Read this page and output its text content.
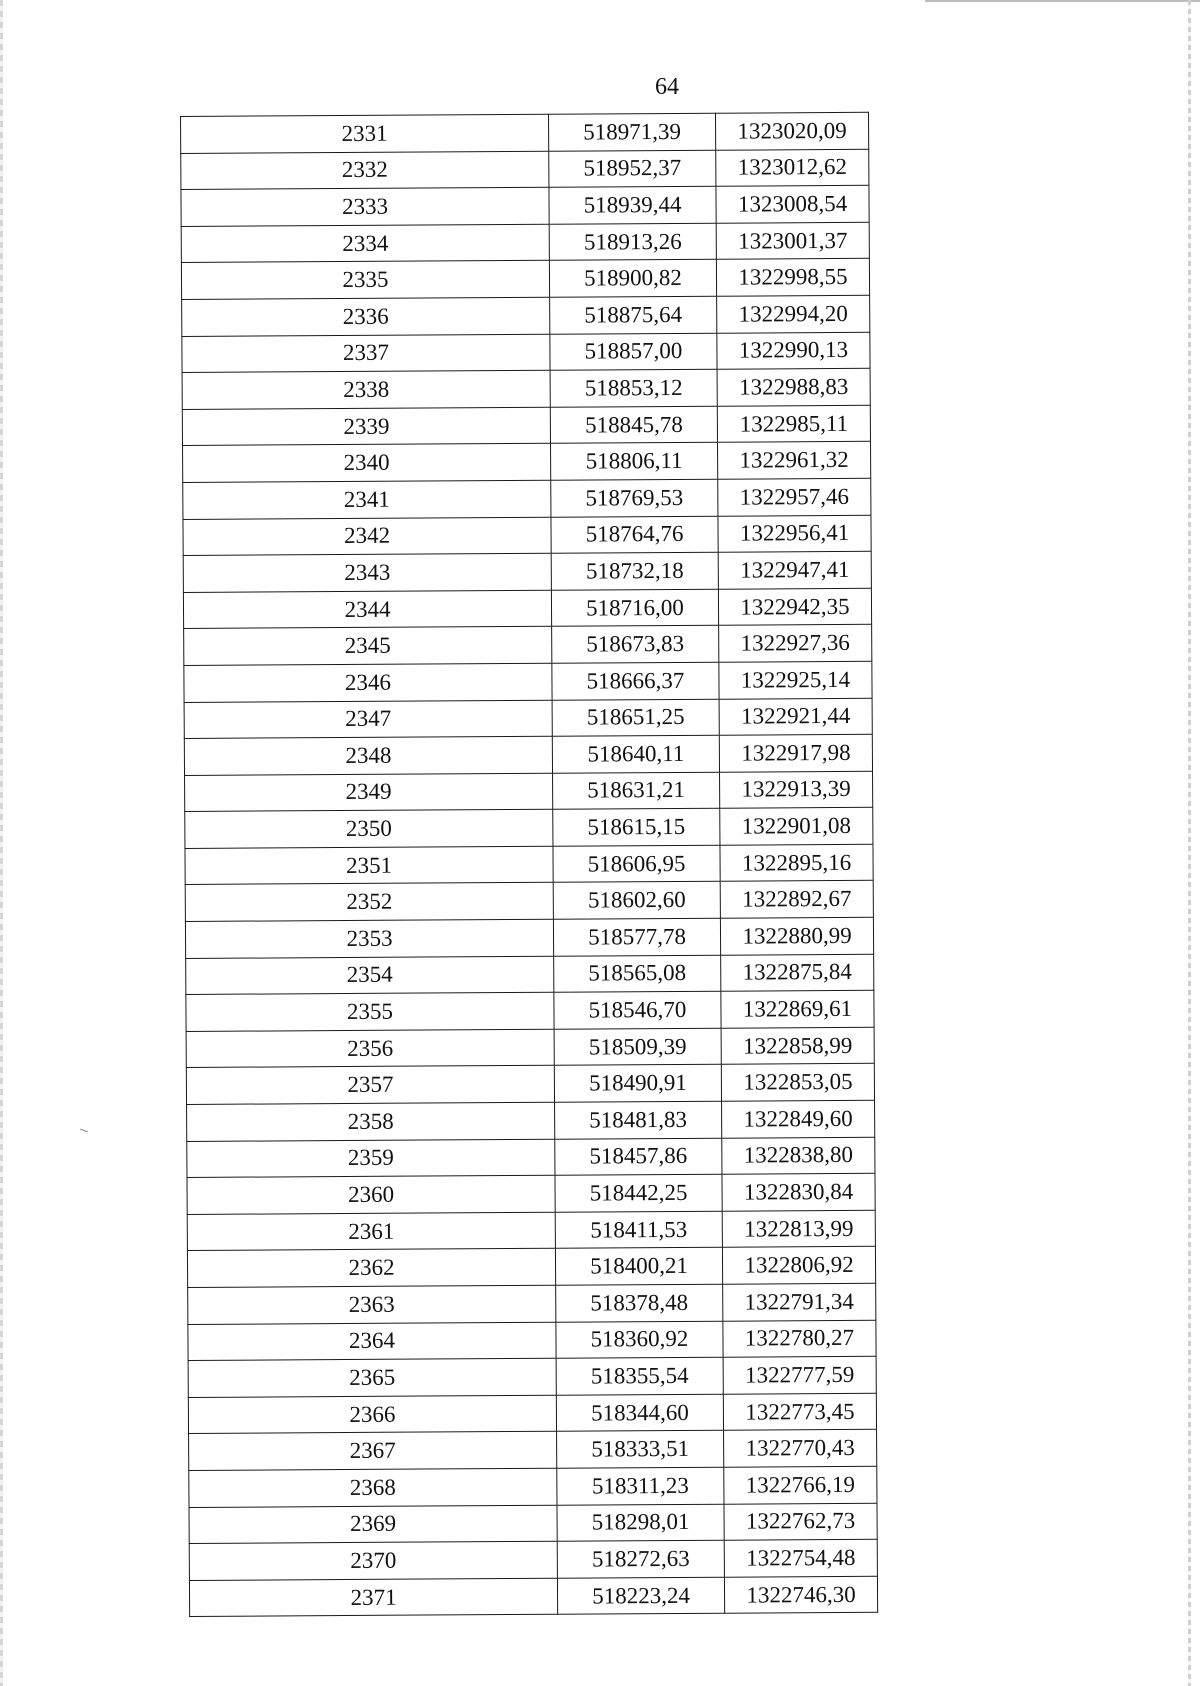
64
2331	518971,39	1323020,09
2332	518952,37	1323012,62
2333	518939,44	1323008,54
2334	518913,26	1323001,37
2335	518900,82	1322998,55
2336	518875,64	1322994,20
2337	518857,00	1322990,13
2338	518853,12	1322988,83
2339	518845,78	1322985,11
2340	518806,11	1322961,32
2341	518769,53	1322957,46
2342	518764,76	1322956,41
2343	518732,18	1322947,41
2344	518716,00	1322942,35
2345	518673,83	1322927,36
2346	518666,37	1322925,14
2347	518651,25	1322921,44
2348	518640,11	1322917,98
2349	518631,21	1322913,39
2350	518615,15	1322901,08
2351	518606,95	1322895,16
2352	518602,60	1322892,67
2353	518577,78	1322880,99
2354	518565,08	1322875,84
2355	518546,70	1322869,61
2356	518509,39	1322858,99
2357	518490,91	1322853,05
2358	518481,83	1322849,60
2359	518457,86	1322838,80
2360	518442,25	1322830,84
2361	518411,53	1322813,99
2362	518400,21	1322806,92
2363	518378,48	1322791,34
2364	518360,92	1322780,27
2365	518355,54	1322777,59
2366	518344,60	1322773,45
2367	518333,51	1322770,43
2368	518311,23	1322766,19
2369	518298,01	1322762,73
2370	518272,63	1322754,48
2371	518223,24	1322746,30
